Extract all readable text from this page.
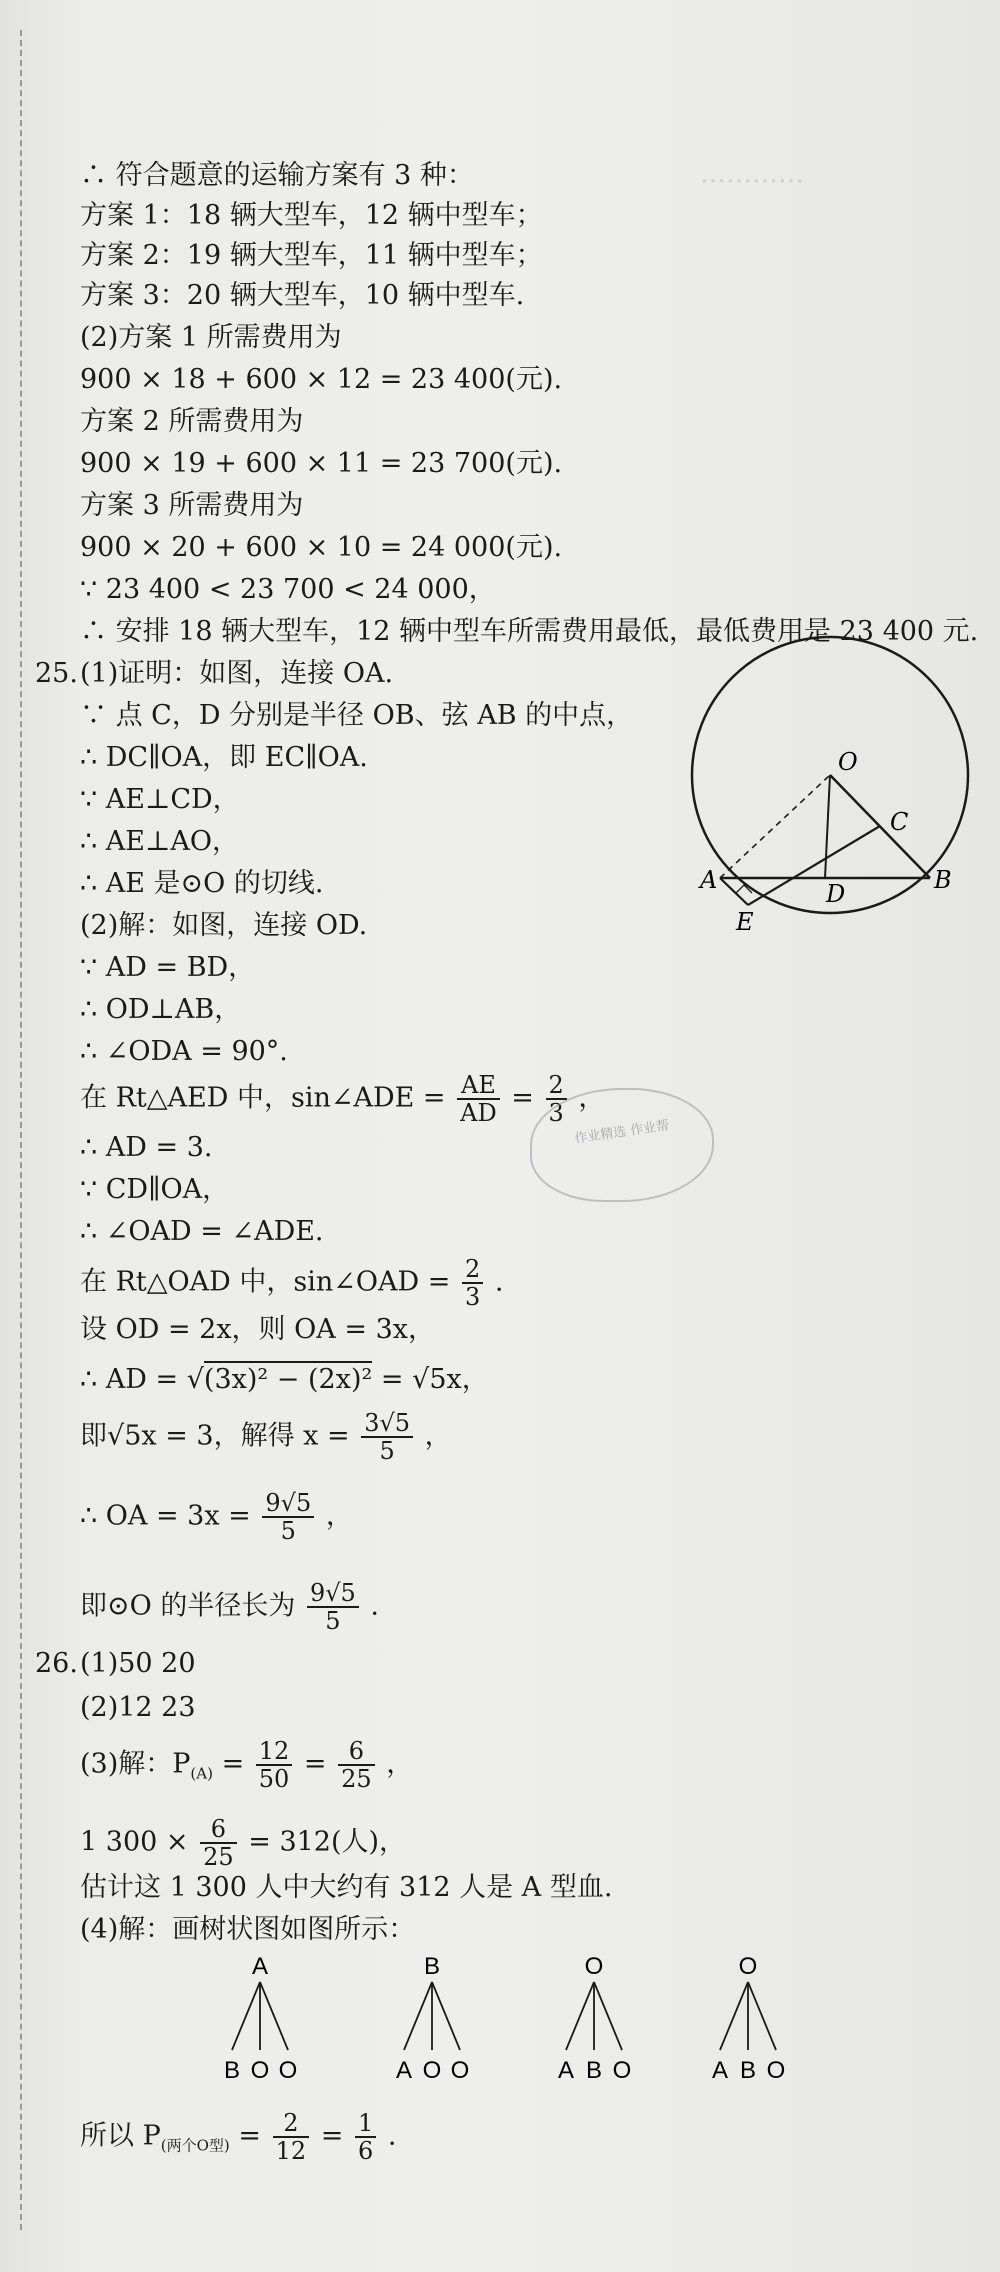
…………
∴ 符合题意的运输方案有 3 种：
方案 1：18 辆大型车，12 辆中型车；
方案 2：19 辆大型车，11 辆中型车；
方案 3：20 辆大型车，10 辆中型车.
(2)方案 1 所需费用为
900 × 18 + 600 × 12 = 23 400(元).
方案 2 所需费用为
900 × 19 + 600 × 11 = 23 700(元).
方案 3 所需费用为
900 × 20 + 600 × 10 = 24 000(元).
∵ 23 400 < 23 700 < 24 000，
∴ 安排 18 辆大型车，12 辆中型车所需费用最低，最低费用是 23 400 元.
25. (1)证明：如图，连接 OA.
∵ 点 C，D 分别是半径 OB、弦 AB 的中点，
∴ DC∥OA，即 EC∥OA.
∵ AE⊥CD，
∴ AE⊥AO，
∴ AE 是⊙O 的切线.
(2)解：如图，连接 OD.
∵ AD = BD，
∴ OD⊥AB，
∴ ∠ODA = 90°.
在 Rt△AED 中，sin∠ADE = $\frac{AE}{AD} = \frac{2}{3}$ ，
∴ AD = 3.
∵ CD∥OA，
∴ ∠OAD = ∠ADE.
在 Rt△OAD 中，sin∠OAD = $\frac{2}{3}$ .
设 OD = 2x，则 OA = 3x，
∴ AD = √(3x)² − (2x)² = √5x，
即√5x = 3，解得 $x = \frac{3√5}{5}$ ，
∴ OA = $3x = \frac{9√5}{5}$ ，
即⊙O 的半径长为 $\frac{9√5}{5}$ .
O
C
A	D	B
E
作业精选 作业帮
26. (1)50 20
(2)12 23
(3)解：$P_{(A)} = \frac{12}{50} = \frac{6}{25}$ ，
1 $300 \times \frac{6}{25} = 312$(人)，
估计这 1 300 人中大约有 312 人是 A 型血.
(4)解：画树状图如图所示：
A
B O O
B
A O O
O
A B O
O
A B O
所以 $P_{(两个O型)} = \frac{2}{12} = \frac{1}{6}$ .
